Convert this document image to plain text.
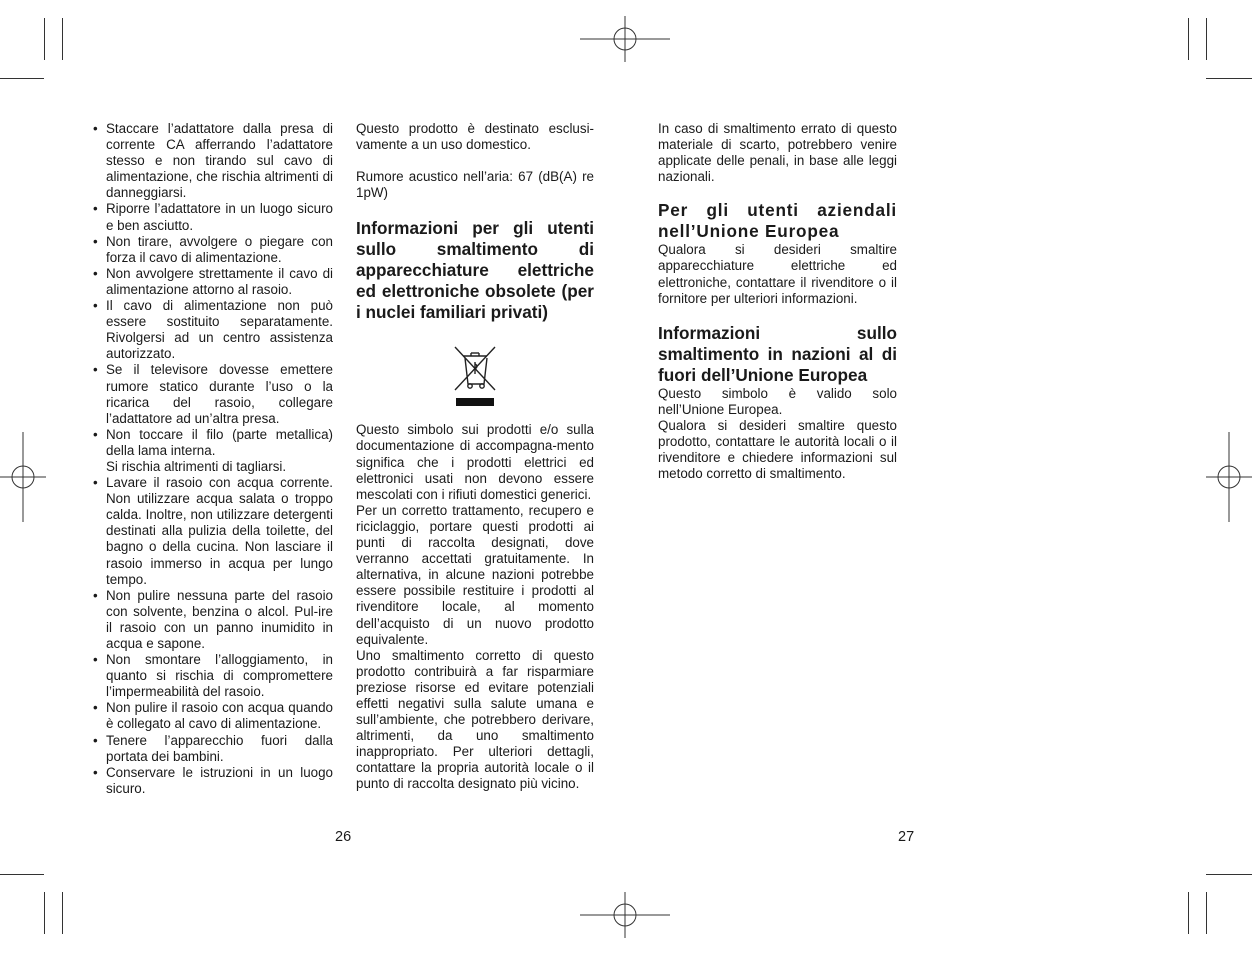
• Staccare l’adattatore dalla presa di corrente CA afferrando l’adattatore stesso e non tirando sul cavo di alimentazione, che rischia altrimenti di danneggiarsi.
• Riporre l’adattatore in un luogo sicuro e ben asciutto.
• Non tirare, avvolgere o piegare con forza il cavo di alimentazione.
• Non avvolgere strettamente il cavo di alimentazione attorno al rasoio.
• Il cavo di alimentazione non può essere sostituito separatamente. Rivolgersi ad un centro assistenza autorizzato.
• Se il televisore dovesse emettere rumore statico durante l’uso o la ricarica del rasoio, collegare l’adattatore ad un’altra presa.
• Non toccare il filo (parte metallica) della lama interna.
Si rischia altrimenti di tagliarsi.
• Lavare il rasoio con acqua corrente. Non utilizzare acqua salata o troppo calda. Inoltre, non utilizzare detergenti destinati alla pulizia della toilette, del bagno o della cucina. Non lasciare il rasoio immerso in acqua per lungo tempo.
• Non pulire nessuna parte del rasoio con solvente, benzina o alcol. Pul-ire il rasoio con un panno inumidito in acqua e sapone.
• Non smontare l’alloggiamento, in quanto si rischia di compromettere l’impermeabilità del rasoio.
• Non pulire il rasoio con acqua quando è collegato al cavo di alimentazione.
• Tenere l’apparecchio fuori dalla portata dei bambini.
• Conservare le istruzioni in un luogo sicuro.

Questo prodotto è destinato esclusi-vamente a un uso domestico.

Rumore acustico nell’aria: 67 (dB(A) re 1pW)

Informazioni per gli utenti sullo smaltimento di apparecchiature elettriche ed elettroniche obsolete (per i nuclei familiari privati)

Questo simbolo sui prodotti e/o sulla documentazione di accompagna-mento significa che i prodotti elettrici ed elettronici usati non devono essere mescolati con i rifiuti domestici generici.

Per un corretto trattamento, recupero e riciclaggio, portare questi prodotti ai punti di raccolta designati, dove verranno accettati gratuitamente. In alternativa, in alcune nazioni potrebbe essere possibile restituire i prodotti al rivenditore locale, al momento dell’acquisto di un nuovo prodotto equivalente.

Uno smaltimento corretto di questo prodotto contribuirà a far risparmiare preziose risorse ed evitare potenziali effetti negativi sulla salute umana e sull’ambiente, che potrebbero derivare, altrimenti, da uno smaltimento inappropriato. Per ulteriori dettagli, contattare la propria autorità locale o il punto di raccolta designato più vicino.

26

In caso di smaltimento errato di questo materiale di scarto, potrebbero venire applicate delle penali, in base alle leggi nazionali.

Per gli utenti aziendali nell’Unione Europea

Qualora si desideri smaltire apparecchiature elettriche ed elettroniche, contattare il rivenditore o il fornitore per ulteriori informazioni.

Informazioni sullo smaltimento in nazioni al di fuori dell’Unione Europea

Questo simbolo è valido solo nell’Unione Europea.

Qualora si desideri smaltire questo prodotto, contattare le autorità locali o il rivenditore e chiedere informazioni sul metodo corretto di smaltimento.

27
